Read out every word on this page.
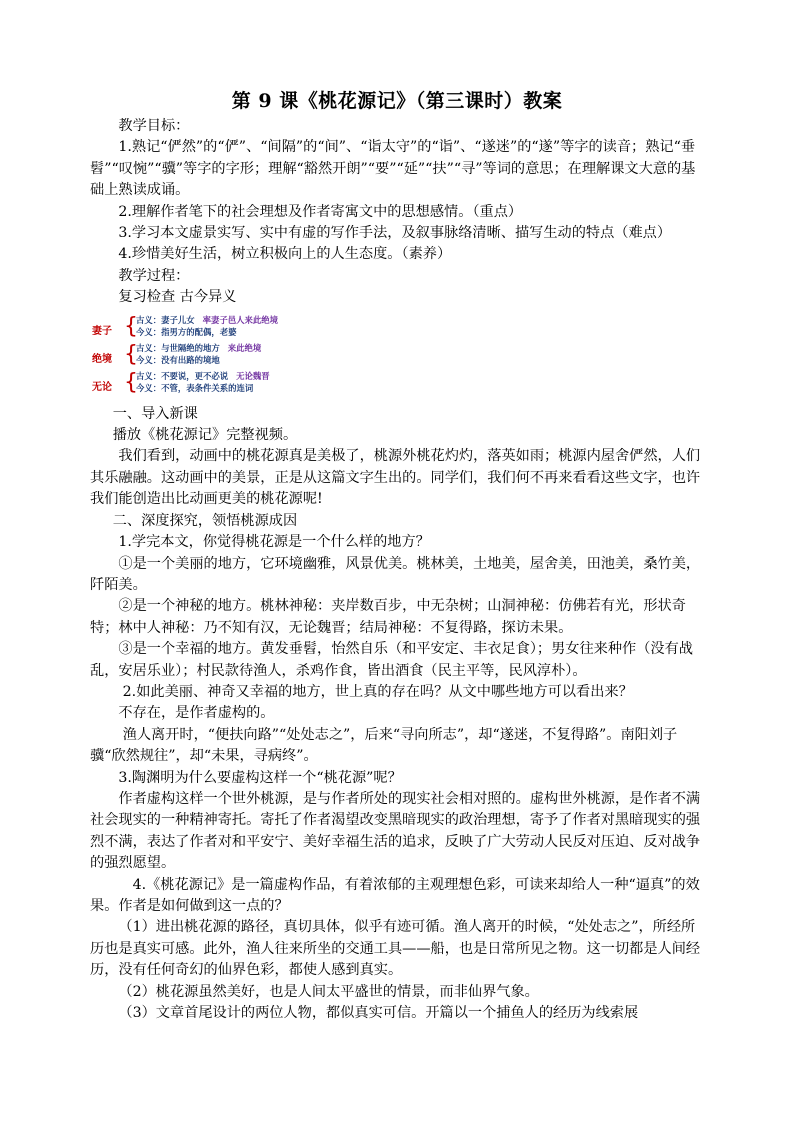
第 9 课《桃花源记》（第三课时）教案

教学目标：

1.熟记“俨然”的“俨”、“间隔”的“间”、“诣太守”的“诣”、“遂迷”的“遂”等字的读音；熟记“垂髫”“叹惋”“骥”等字的字形；理解“豁然开朗”“要”“延”“扶”“寻”等词的意思；在理解课文大意的基础上熟读成诵。

2.理解作者笔下的社会理想及作者寄寓文中的思想感情。（重点）

3.学习本文虚景实写、实中有虚的写作手法，及叙事脉络清晰、描写生动的特点（难点）

4.珍惜美好生活，树立积极向上的人生态度。（素养）

教学过程：

复习检查 古今异义

妻子 {
古义：妻子儿女 率妻子邑人来此绝境
今义：指男方的配偶，老婆
绝境 {
古义：与世隔绝的地方 来此绝境
今义：没有出路的境地
无论 {
古义：不要说，更不必说 无论魏晋
今义：不管，表条件关系的连词

一、导入新课

播放《桃花源记》完整视频。

我们看到，动画中的桃花源真是美极了，桃源外桃花灼灼，落英如雨；桃源内屋舍俨然，人们其乐融融。这动画中的美景，正是从这篇文字生出的。同学们，我们何不再来看看这些文字，也许我们能创造出比动画更美的桃花源呢!

二、深度探究，领悟桃源成因

1.学完本文，你觉得桃花源是一个什么样的地方？

①是一个美丽的地方，它环境幽雅，风景优美。桃林美，土地美，屋舍美，田池美，桑竹美，阡陌美。

②是一个神秘的地方。桃林神秘：夹岸数百步，中无杂树；山洞神秘：仿佛若有光，形状奇特；林中人神秘：乃不知有汉，无论魏晋；结局神秘：不复得路，探访未果。

③是一个幸福的地方。黄发垂髫，怡然自乐（和平安定、丰衣足食）；男女往来种作（没有战乱，安居乐业）；村民款待渔人，杀鸡作食，皆出酒食（民主平等，民风淳朴）。

2.如此美丽、神奇又幸福的地方，世上真的存在吗？从文中哪些地方可以看出来？

不存在，是作者虚构的。

渔人离开时，“便扶向路”“处处志之”，后来“寻向所志”，却“遂迷，不复得路”。南阳刘子骥“欣然规往”，却“未果，寻病终”。

3.陶渊明为什么要虚构这样一个“桃花源”呢？

作者虚构这样一个世外桃源，是与作者所处的现实社会相对照的。虚构世外桃源，是作者不满社会现实的一种精神寄托。寄托了作者渴望改变黑暗现实的政治理想，寄予了作者对黑暗现实的强烈不满，表达了作者对和平安宁、美好幸福生活的追求，反映了广大劳动人民反对压迫、反对战争的强烈愿望。

4.《桃花源记》是一篇虚构作品，有着浓郁的主观理想色彩，可读来却给人一种“逼真”的效果。作者是如何做到这一点的？

（1）进出桃花源的路径，真切具体，似乎有迹可循。渔人离开的时候，“处处志之”，所经所历也是真实可感。此外，渔人往来所坐的交通工具——船，也是日常所见之物。这一切都是人间经历，没有任何奇幻的仙界色彩，都使人感到真实。

（2）桃花源虽然美好，也是人间太平盛世的情景，而非仙界气象。

（3）文章首尾设计的两位人物，都似真实可信。开篇以一个捕鱼人的经历为线索展
